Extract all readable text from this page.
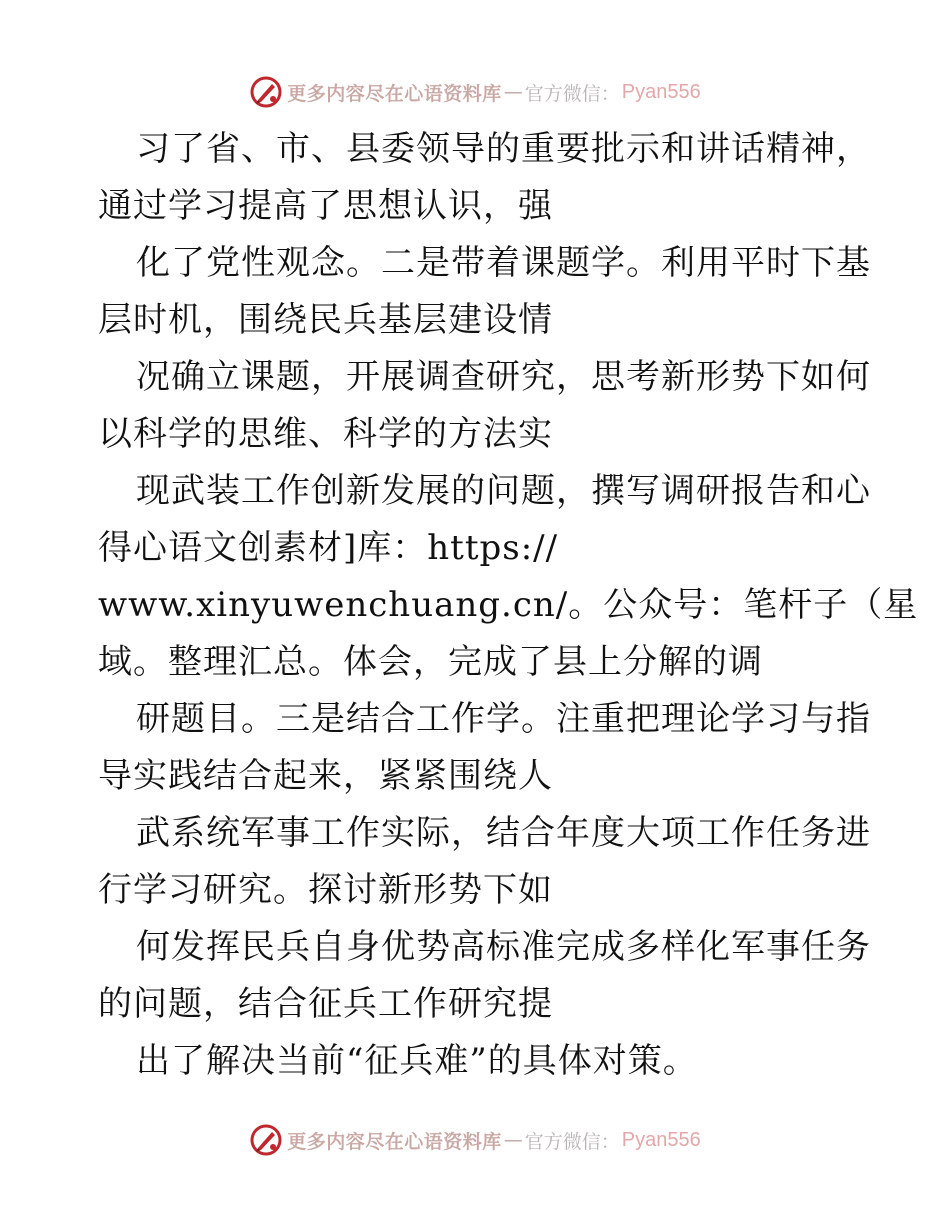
更多内容尽在心语资料库 — 官方微信： Pyan556
习了省、市、县委领导的重要批示和讲话精神，
通过学习提高了思想认识，强
化了党性观念。二是带着课题学。利用平时下基
层时机，围绕民兵基层建设情
况确立课题，开展调查研究，思考新形势下如何
以科学的思维、科学的方法实
现武装工作创新发展的问题，撰写调研报告和心
得心语文创素材]库：https://
www.xinyuwenchuang.cn/。公众号：笔杆子（星
域。整理汇总。体会，完成了县上分解的调
研题目。三是结合工作学。注重把理论学习与指
导实践结合起来，紧紧围绕人
武系统军事工作实际，结合年度大项工作任务进
行学习研究。探讨新形势下如
何发挥民兵自身优势高标准完成多样化军事任务
的问题，结合征兵工作研究提
出了解决当前“征兵难”的具体对策。
更多内容尽在心语资料库 — 官方微信： Pyan556
